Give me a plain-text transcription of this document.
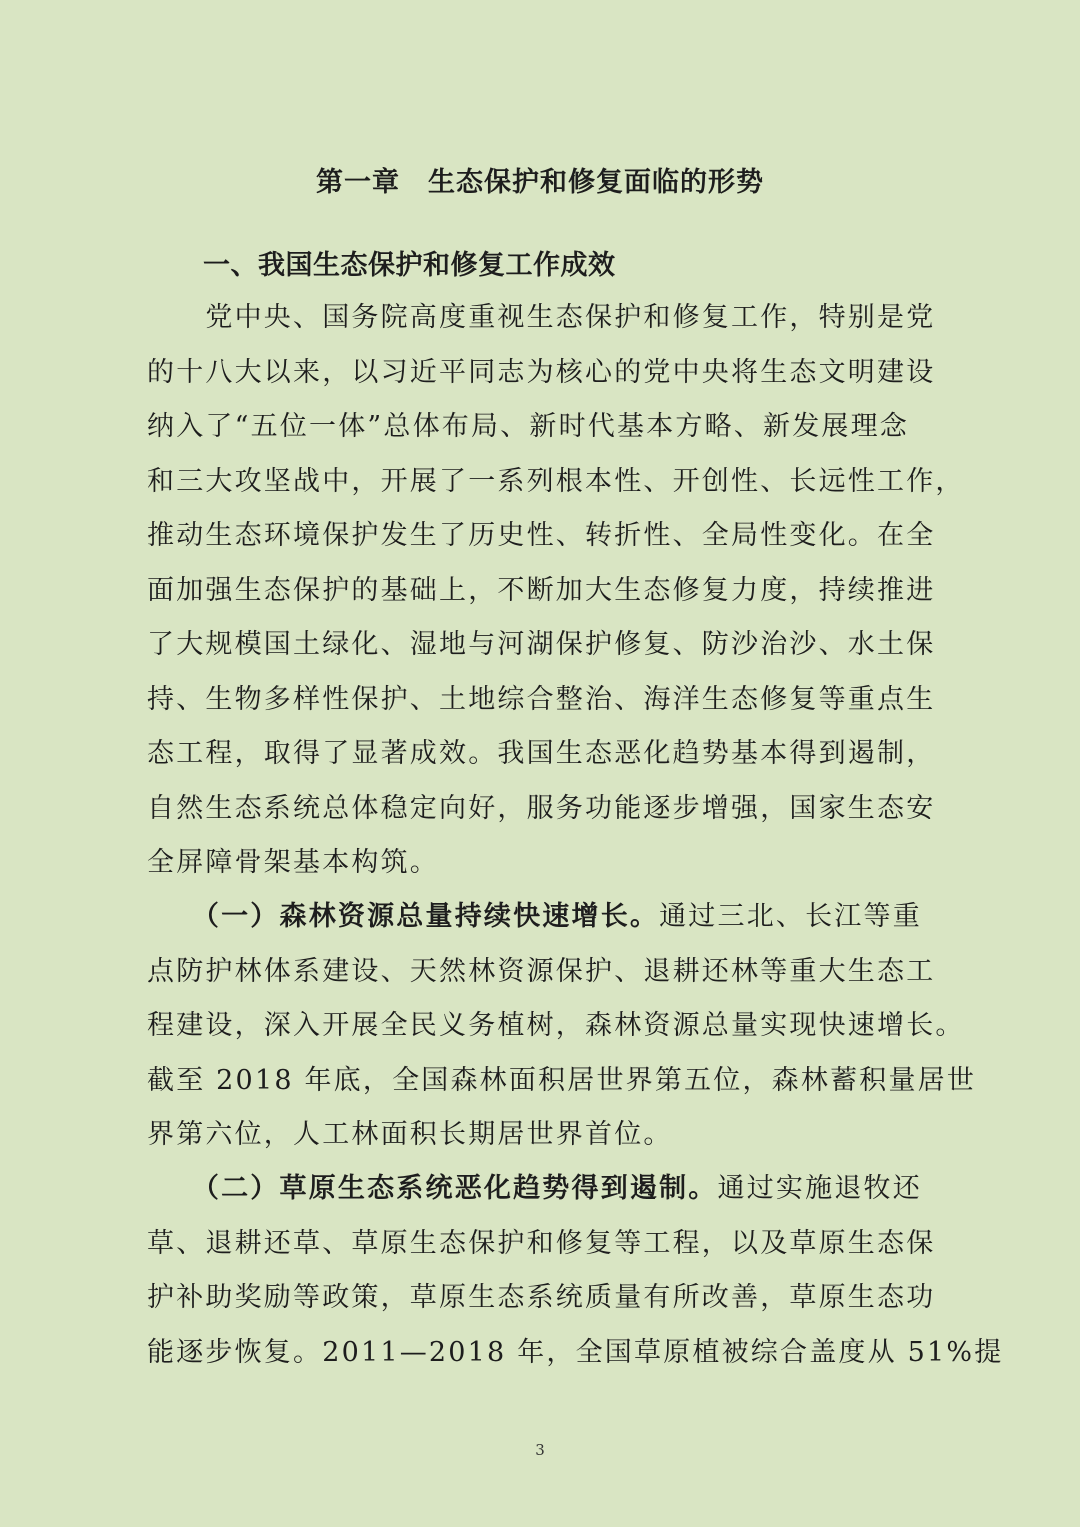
第一章　生态保护和修复面临的形势
一、我国生态保护和修复工作成效
　　党中央、国务院高度重视生态保护和修复工作，特别是党
的十八大以来，以习近平同志为核心的党中央将生态文明建设
纳入了“五位一体”总体布局、新时代基本方略、新发展理念
和三大攻坚战中，开展了一系列根本性、开创性、长远性工作，
推动生态环境保护发生了历史性、转折性、全局性变化。在全
面加强生态保护的基础上，不断加大生态修复力度，持续推进
了大规模国土绿化、湿地与河湖保护修复、防沙治沙、水土保
持、生物多样性保护、土地综合整治、海洋生态修复等重点生
态工程，取得了显著成效。我国生态恶化趋势基本得到遏制，
自然生态系统总体稳定向好，服务功能逐步增强，国家生态安
全屏障骨架基本构筑。
　　（一）森林资源总量持续快速增长。通过三北、长江等重
点防护林体系建设、天然林资源保护、退耕还林等重大生态工
程建设，深入开展全民义务植树，森林资源总量实现快速增长。
截至 2018 年底，全国森林面积居世界第五位，森林蓄积量居世
界第六位，人工林面积长期居世界首位。
　　（二）草原生态系统恶化趋势得到遏制。通过实施退牧还
草、退耕还草、草原生态保护和修复等工程，以及草原生态保
护补助奖励等政策，草原生态系统质量有所改善，草原生态功
能逐步恢复。2011—2018 年，全国草原植被综合盖度从 51%提
3
